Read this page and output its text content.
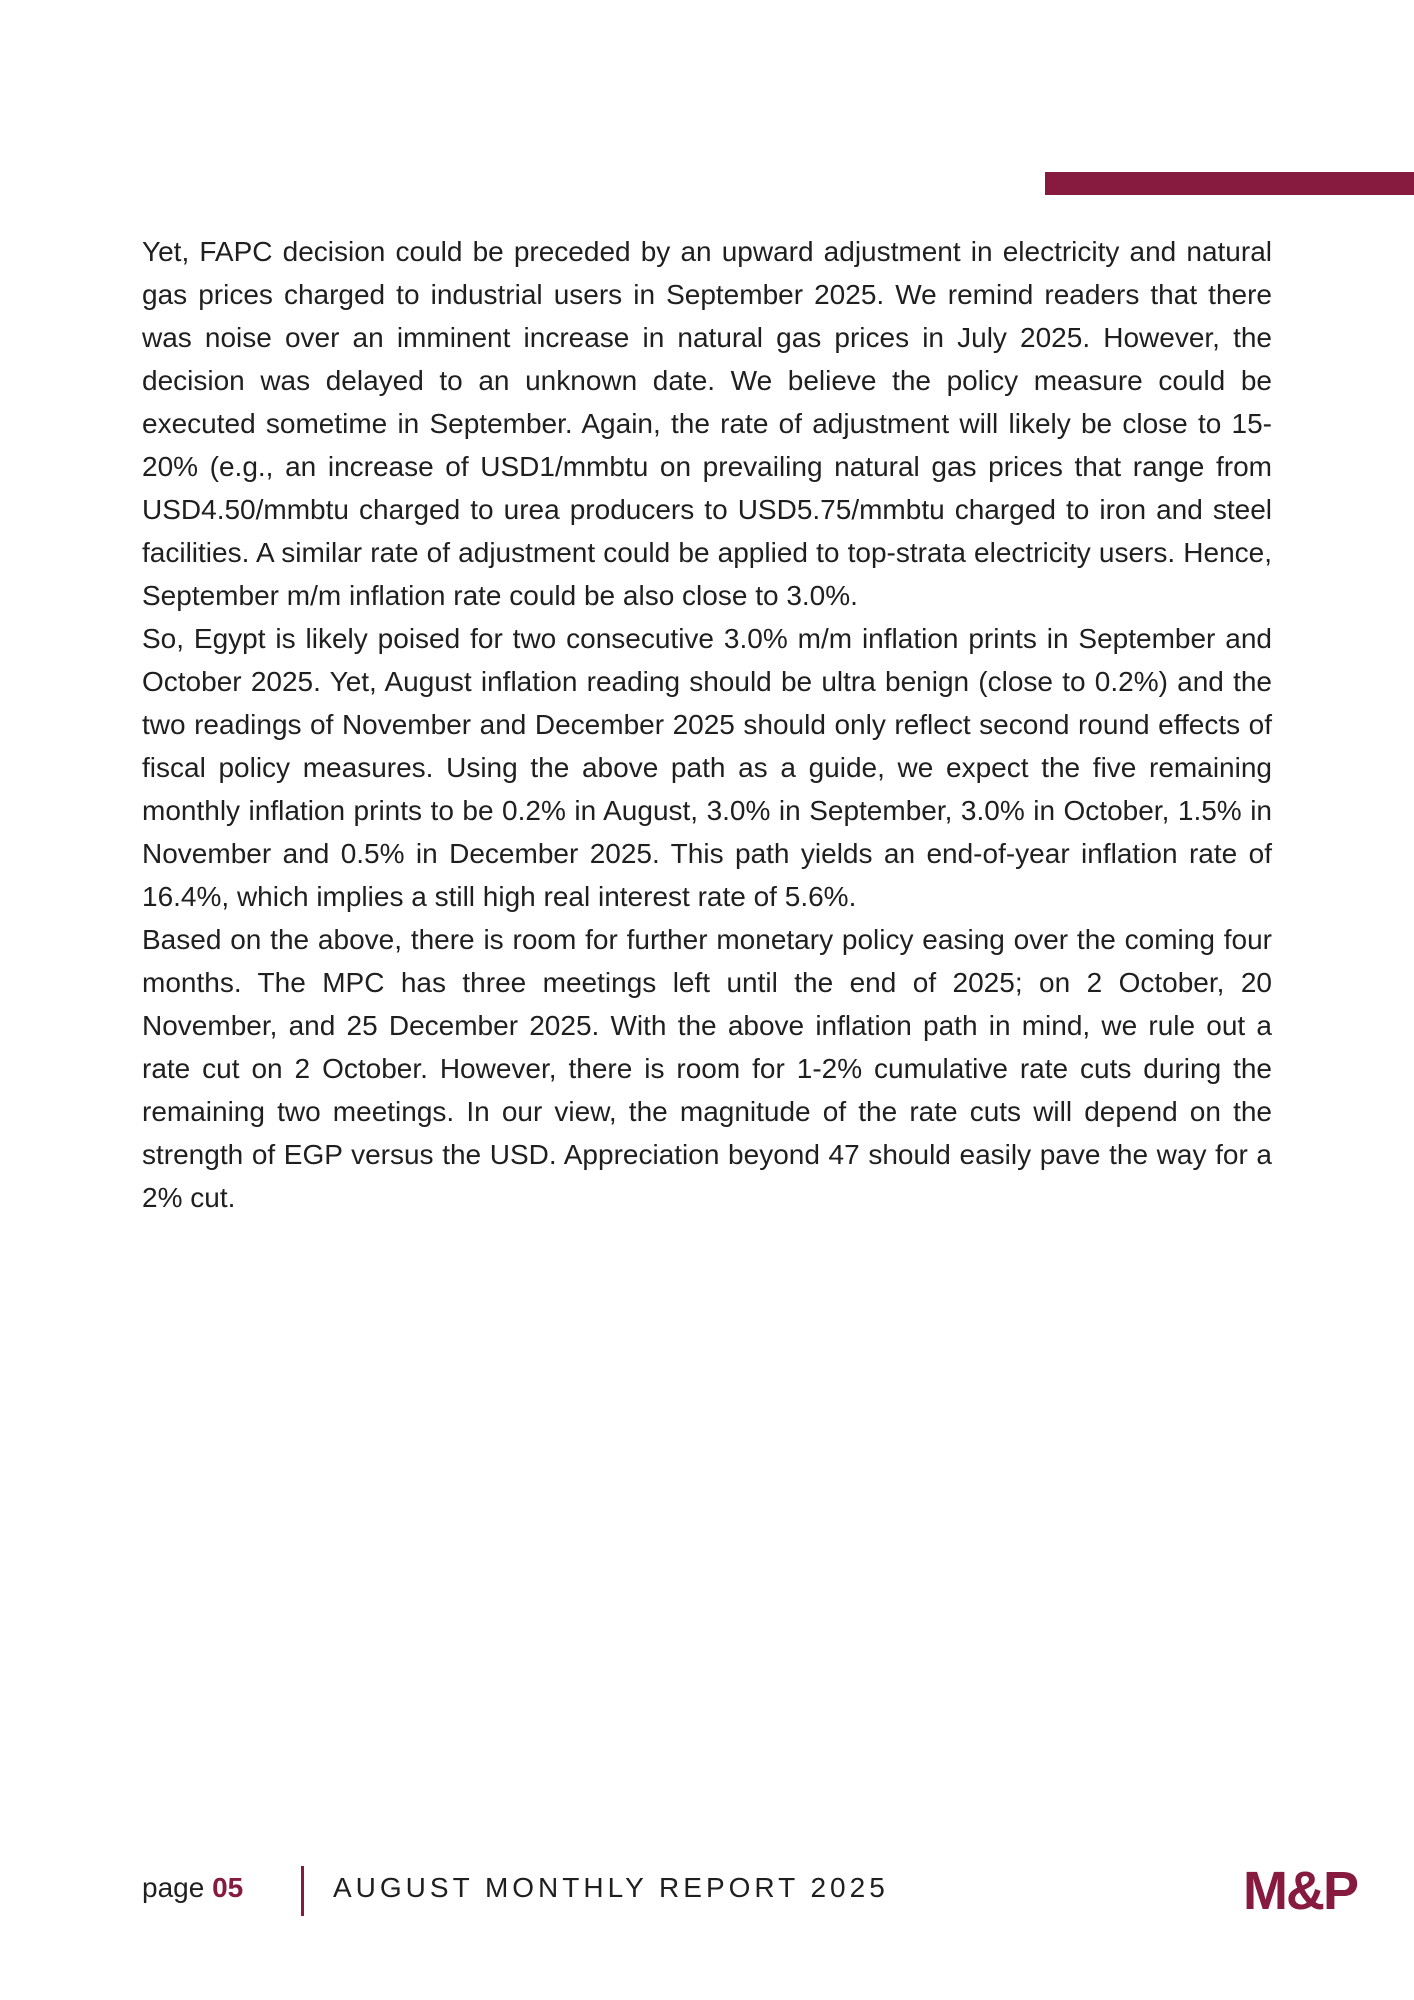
Yet, FAPC decision could be preceded by an upward adjustment in electricity and natural gas prices charged to industrial users in September 2025. We remind readers that there was noise over an imminent increase in natural gas prices in July 2025. However, the decision was delayed to an unknown date. We believe the policy measure could be executed sometime in September. Again, the rate of adjustment will likely be close to 15-20% (e.g., an increase of USD1/mmbtu on prevailing natural gas prices that range from USD4.50/mmbtu charged to urea producers to USD5.75/mmbtu charged to iron and steel facilities. A similar rate of adjustment could be applied to top-strata electricity users. Hence, September m/m inflation rate could be also close to 3.0%.

So, Egypt is likely poised for two consecutive 3.0% m/m inflation prints in September and October 2025. Yet, August inflation reading should be ultra benign (close to 0.2%) and the two readings of November and December 2025 should only reflect second round effects of fiscal policy measures. Using the above path as a guide, we expect the five remaining monthly inflation prints to be 0.2% in August, 3.0% in September, 3.0% in October, 1.5% in November and 0.5% in December 2025. This path yields an end-of-year inflation rate of 16.4%, which implies a still high real interest rate of 5.6%.

Based on the above, there is room for further monetary policy easing over the coming four months. The MPC has three meetings left until the end of 2025; on 2 October, 20 November, and 25 December 2025. With the above inflation path in mind, we rule out a rate cut on 2 October. However, there is room for 1-2% cumulative rate cuts during the remaining two meetings. In our view, the magnitude of the rate cuts will depend on the strength of EGP versus the USD. Appreciation beyond 47 should easily pave the way for a 2% cut.

page 05	AUGUST MONTHLY REPORT 2025	M&P
